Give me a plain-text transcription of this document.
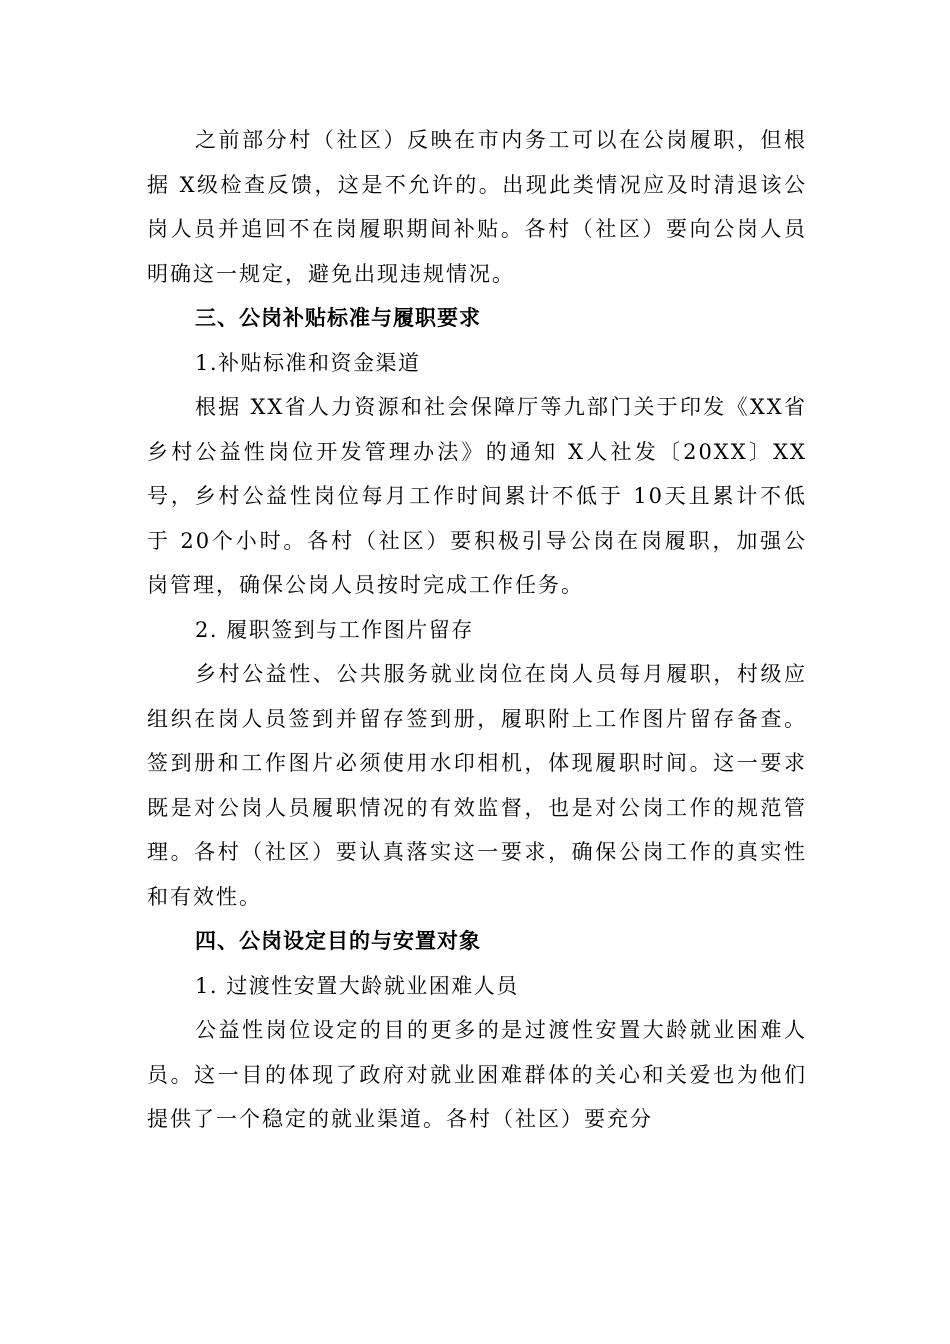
之前部分村（社区）反映在市内务工可以在公岗履职，但根据 X级检查反馈，这是不允许的。出现此类情况应及时清退该公岗人员并追回不在岗履职期间补贴。各村（社区）要向公岗人员明确这一规定，避免出现违规情况。

三、公岗补贴标准与履职要求

1.补贴标准和资金渠道

根据 XX省人力资源和社会保障厅等九部门关于印发《XX省乡村公益性岗位开发管理办法》的通知 X人社发〔20XX〕XX号，乡村公益性岗位每月工作时间累计不低于 10天且累计不低于 20个小时。各村（社区）要积极引导公岗在岗履职，加强公岗管理，确保公岗人员按时完成工作任务。

2. 履职签到与工作图片留存

乡村公益性、公共服务就业岗位在岗人员每月履职，村级应组织在岗人员签到并留存签到册，履职附上工作图片留存备查。签到册和工作图片必须使用水印相机，体现履职时间。这一要求既是对公岗人员履职情况的有效监督，也是对公岗工作的规范管理。各村（社区）要认真落实这一要求，确保公岗工作的真实性和有效性。

四、公岗设定目的与安置对象

1. 过渡性安置大龄就业困难人员

公益性岗位设定的目的更多的是过渡性安置大龄就业困难人员。这一目的体现了政府对就业困难群体的关心和关爱也为他们提供了一个稳定的就业渠道。各村（社区）要充分
